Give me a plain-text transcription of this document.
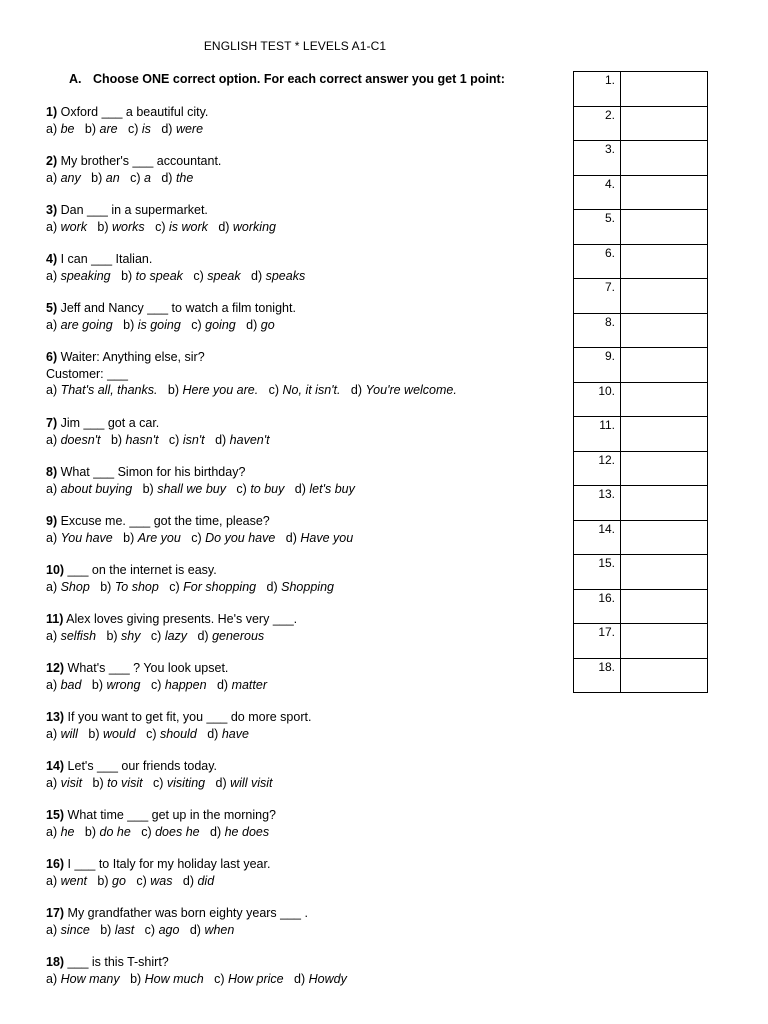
ENGLISH TEST * LEVELS A1-C1
A. Choose ONE correct option. For each correct answer you get 1 point:
1) Oxford ___ a beautiful city.
a) be b) are c) is d) were
2) My brother's ___ accountant.
a) any b) an c) a d) the
3) Dan ___ in a supermarket.
a) work b) works c) is work d) working
4) I can ___ Italian.
a) speaking b) to speak c) speak d) speaks
5) Jeff and Nancy ___ to watch a film tonight.
a) are going b) is going c) going d) go
6) Waiter: Anything else, sir?
Customer: ___
a) That's all, thanks. b) Here you are. c) No, it isn't. d) You're welcome.
7) Jim ___ got a car.
a) doesn't b) hasn't c) isn't d) haven't
8) What ___ Simon for his birthday?
a) about buying b) shall we buy c) to buy d) let's buy
9) Excuse me. ___ got the time, please?
a) You have b) Are you c) Do you have d) Have you
10) ___ on the internet is easy.
a) Shop b) To shop c) For shopping d) Shopping
11) Alex loves giving presents. He's very ___.
a) selfish b) shy c) lazy d) generous
12) What's ___ ? You look upset.
a) bad b) wrong c) happen d) matter
13) If you want to get fit, you ___ do more sport.
a) will b) would c) should d) have
14) Let's ___ our friends today.
a) visit b) to visit c) visiting d) will visit
15) What time ___ get up in the morning?
a) he b) do he c) does he d) he does
16) I ___ to Italy for my holiday last year.
a) went b) go c) was d) did
17) My grandfather was born eighty years ___ .
a) since b) last c) ago d) when
18) ___ is this T-shirt?
a) How many b) How much c) How price d) Howdy
1.	
2.	
3.	
4.	
5.	
6.	
7.	
8.	
9.	
10.	
11.	
12.	
13.	
14.	
15.	
16.	
17.	
18.	
